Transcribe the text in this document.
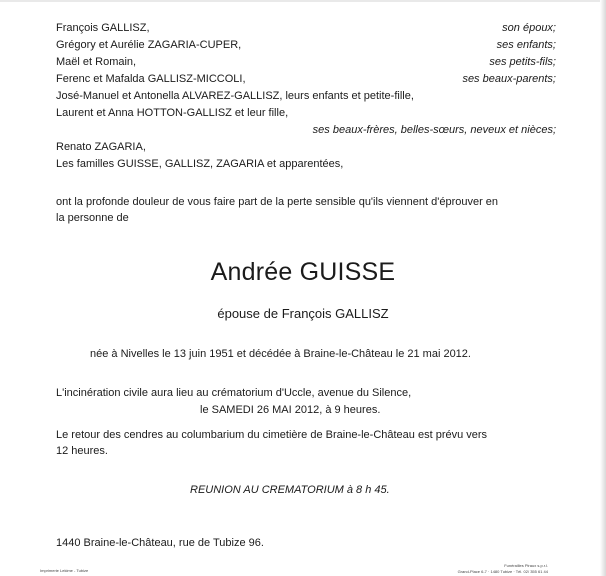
François GALLISZ,	son époux;
Grégory et Aurélie ZAGARIA-CUPER,	ses enfants;
Maël et Romain,	ses petits-fils;
Ferenc et Mafalda GALLISZ-MICCOLI,	ses beaux-parents;
José-Manuel et Antonella ALVAREZ-GALLISZ, leurs enfants et petite-fille,
Laurent et Anna HOTTON-GALLISZ et leur fille,
ses beaux-frères, belles-sœurs, neveux et nièces;
Renato ZAGARIA,
Les familles GUISSE, GALLISZ, ZAGARIA et apparentées,
ont la profonde douleur de vous faire part de la perte sensible qu'ils viennent d'éprouver en
la personne de
Andrée GUISSE
épouse de François GALLISZ
née à Nivelles le 13 juin 1951 et décédée à Braine-le-Château le 21 mai 2012.
L'incinération civile aura lieu au crématorium d'Uccle, avenue du Silence,
le SAMEDI 26 MAI 2012, à 9 heures.
Le retour des cendres au columbarium du cimetière de Braine-le-Château est prévu vers
12 heures.
REUNION AU CREMATORIUM à 8 h 45.
1440 Braine-le-Château, rue de Tubize 96.
Imprimerie Lekime - Tubize
Funérailles Piraux s.p.r.l.
Grand-Place 6-7 · 1480 Tubize · Tél. 02/ 355 61 44
